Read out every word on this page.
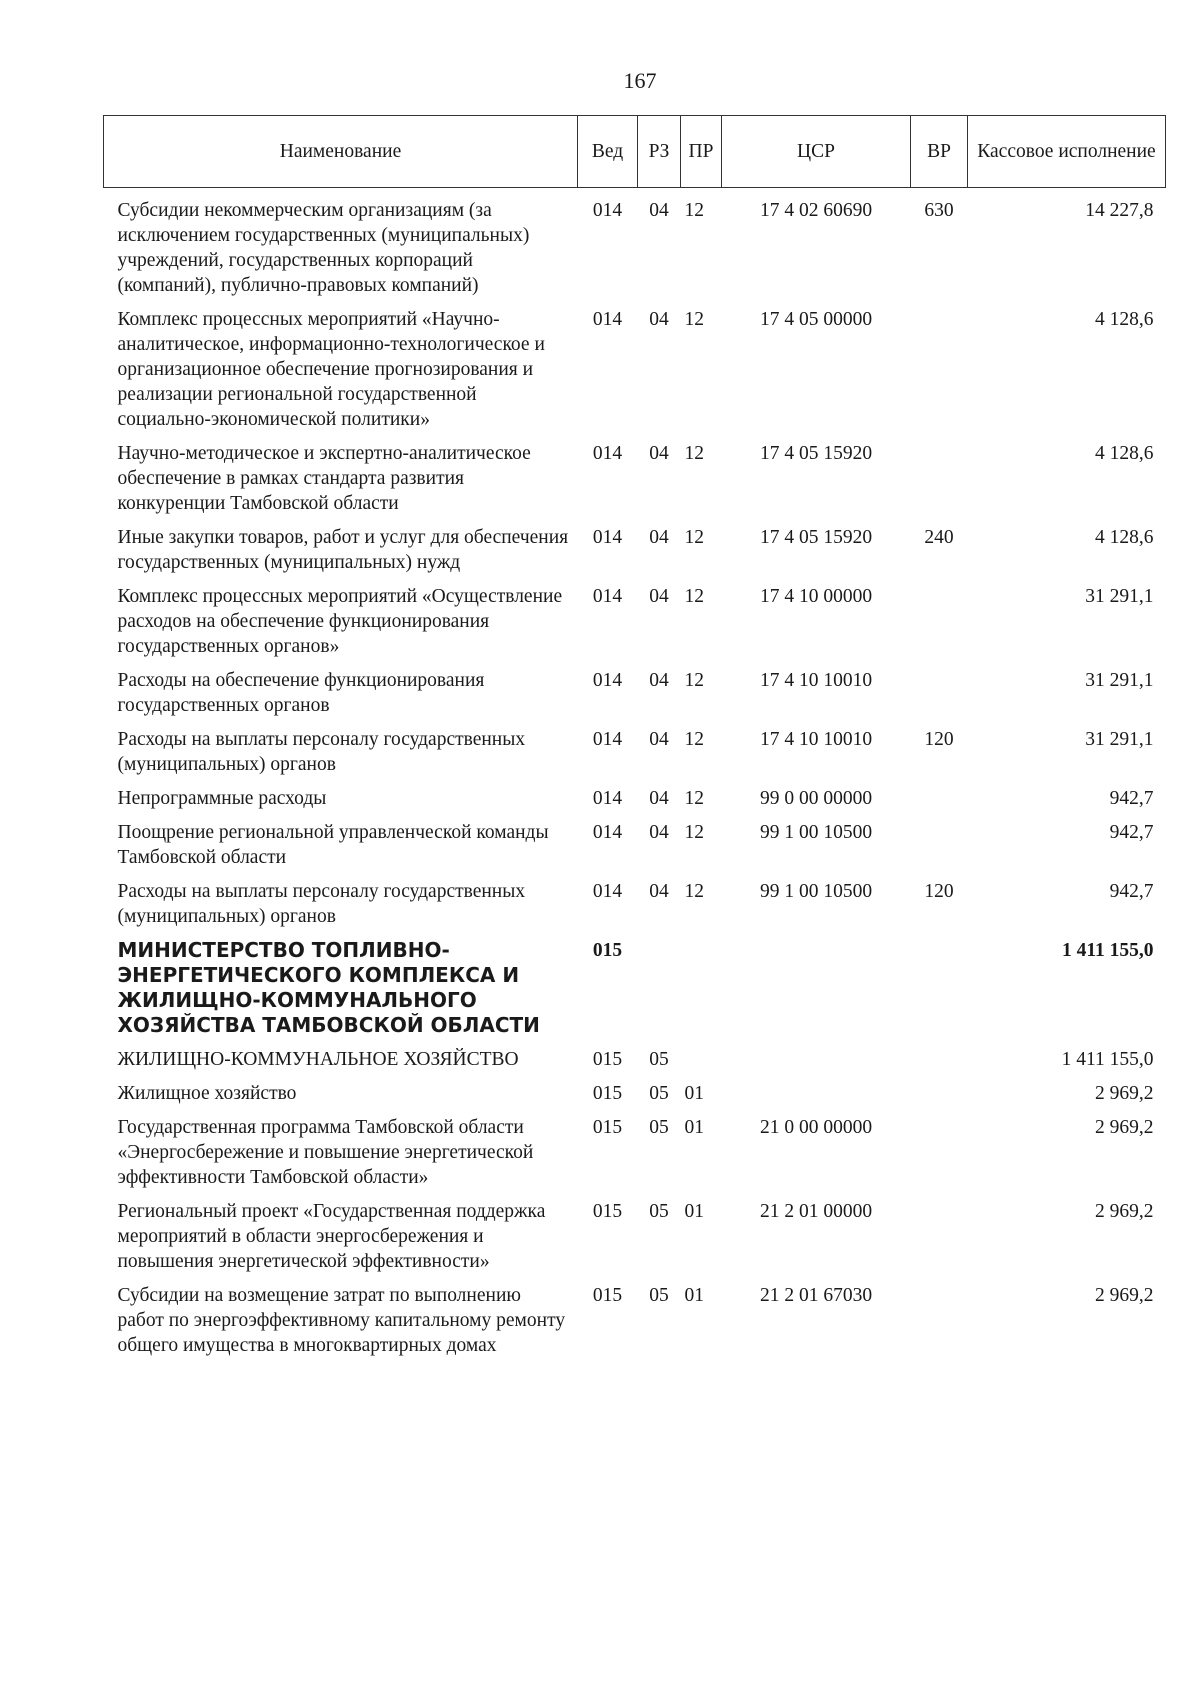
167
Наименование	Вед	РЗ	ПР	ЦСР	ВР	Кассовое исполнение
Субсидии некоммерческим организациям (за исключением государственных (муниципальных) учреждений, государственных корпораций (компаний), публично-правовых компаний)	014	04	12	17 4 02 60690	630	14 227,8
Комплекс процессных мероприятий «Научно-аналитическое, информационно-технологическое и организационное обеспечение прогнозирования и реализации региональной государственной социально-экономической политики»	014	04	12	17 4 05 00000		4 128,6
Научно-методическое и экспертно-аналитическое обеспечение в рамках стандарта развития конкуренции Тамбовской области	014	04	12	17 4 05 15920		4 128,6
Иные закупки товаров, работ и услуг для обеспечения государственных (муниципальных) нужд	014	04	12	17 4 05 15920	240	4 128,6
Комплекс процессных мероприятий «Осуществление расходов на обеспечение функционирования государственных органов»	014	04	12	17 4 10 00000		31 291,1
Расходы на обеспечение функционирования государственных органов	014	04	12	17 4 10 10010		31 291,1
Расходы на выплаты персоналу государственных (муниципальных) органов	014	04	12	17 4 10 10010	120	31 291,1
Непрограммные расходы	014	04	12	99 0 00 00000		942,7
Поощрение региональной управленческой команды Тамбовской области	014	04	12	99 1 00 10500		942,7
Расходы на выплаты персоналу государственных (муниципальных) органов	014	04	12	99 1 00 10500	120	942,7
МИНИСТЕРСТВО ТОПЛИВНО-ЭНЕРГЕТИЧЕСКОГО КОМПЛЕКСА И ЖИЛИЩНО-КОММУНАЛЬНОГО ХОЗЯЙСТВА ТАМБОВСКОЙ ОБЛАСТИ	015					1 411 155,0
ЖИЛИЩНО-КОММУНАЛЬНОЕ ХОЗЯЙСТВО	015	05				1 411 155,0
Жилищное хозяйство	015	05	01			2 969,2
Государственная программа Тамбовской области «Энергосбережение и повышение энергетической эффективности Тамбовской области»	015	05	01	21 0 00 00000		2 969,2
Региональный проект «Государственная поддержка мероприятий в области энергосбережения и повышения энергетической эффективности»	015	05	01	21 2 01 00000		2 969,2
Субсидии на возмещение затрат по выполнению работ по энергоэффективному капитальному ремонту общего имущества в многоквартирных домах	015	05	01	21 2 01 67030		2 969,2
